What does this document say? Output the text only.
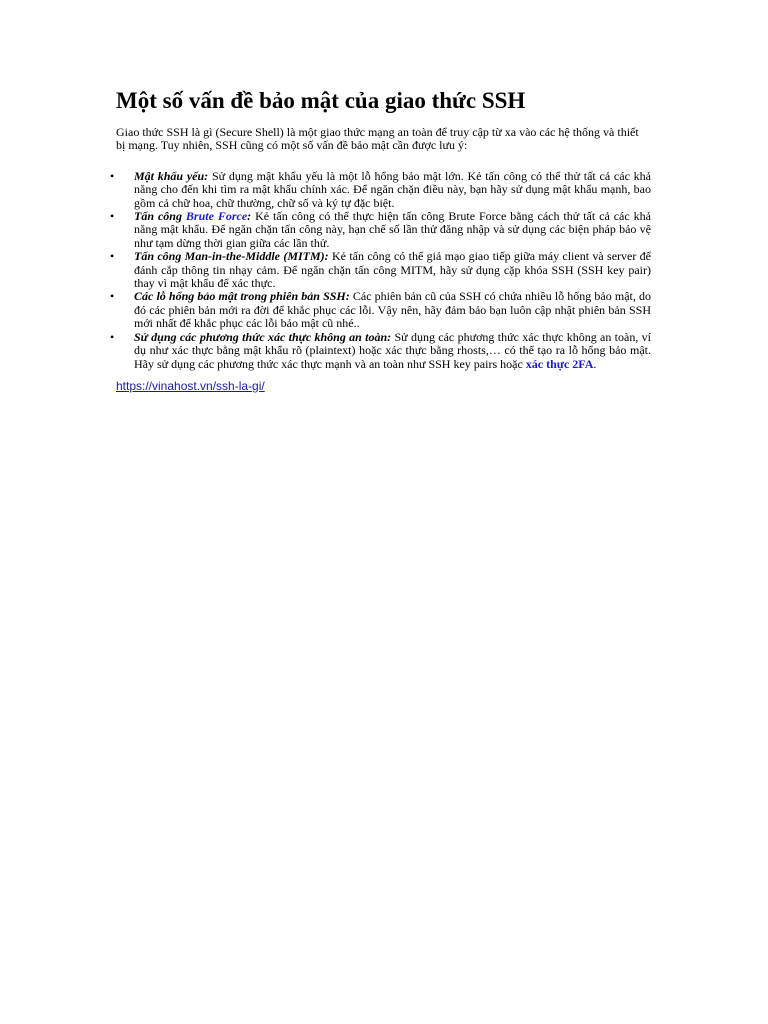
Một số vấn đề bảo mật của giao thức SSH

Giao thức SSH là gì (Secure Shell) là một giao thức mạng an toàn để truy cập từ xa vào các hệ thống và thiết bị mạng. Tuy nhiên, SSH cũng có một số vấn đề bảo mật cần được lưu ý:

•	Mật khẩu yếu: Sử dụng mật khẩu yếu là một lỗ hổng bảo mật lớn. Kẻ tấn công có thể thử tất cả các khả năng cho đến khi tìm ra mật khẩu chính xác. Để ngăn chặn điều này, bạn hãy sử dụng mật khẩu mạnh, bao gồm cả chữ hoa, chữ thường, chữ số và ký tự đặc biệt.
•	Tấn công Brute Force: Kẻ tấn công có thể thực hiện tấn công Brute Force bằng cách thử tất cả các khả năng mật khẩu. Để ngăn chặn tấn công này, hạn chế số lần thử đăng nhập và sử dụng các biện pháp bảo vệ như tạm dừng thời gian giữa các lần thử.
•	Tấn công Man-in-the-Middle (MITM): Kẻ tấn công có thể giả mạo giao tiếp giữa máy client và server để đánh cắp thông tin nhạy cảm. Để ngăn chặn tấn công MITM, hãy sử dụng cặp khóa SSH (SSH key pair) thay vì mật khẩu để xác thực.
•	Các lỗ hổng bảo mật trong phiên bản SSH: Các phiên bản cũ của SSH có chứa nhiều lỗ hổng bảo mật, do đó các phiên bản mới ra đời để khắc phục các lỗi. Vậy nên, hãy đảm bảo bạn luôn cập nhật phiên bản SSH mới nhất để khắc phục các lỗi bảo mật cũ nhé..
•	Sử dụng các phương thức xác thực không an toàn: Sử dụng các phương thức xác thực không an toàn, ví dụ như xác thực bằng mật khẩu rõ (plaintext) hoặc xác thực bằng rhosts,… có thể tạo ra lỗ hổng bảo mật. Hãy sử dụng các phương thức xác thực mạnh và an toàn như SSH key pairs hoặc xác thực 2FA.
https://vinahost.vn/ssh-la-gi/
